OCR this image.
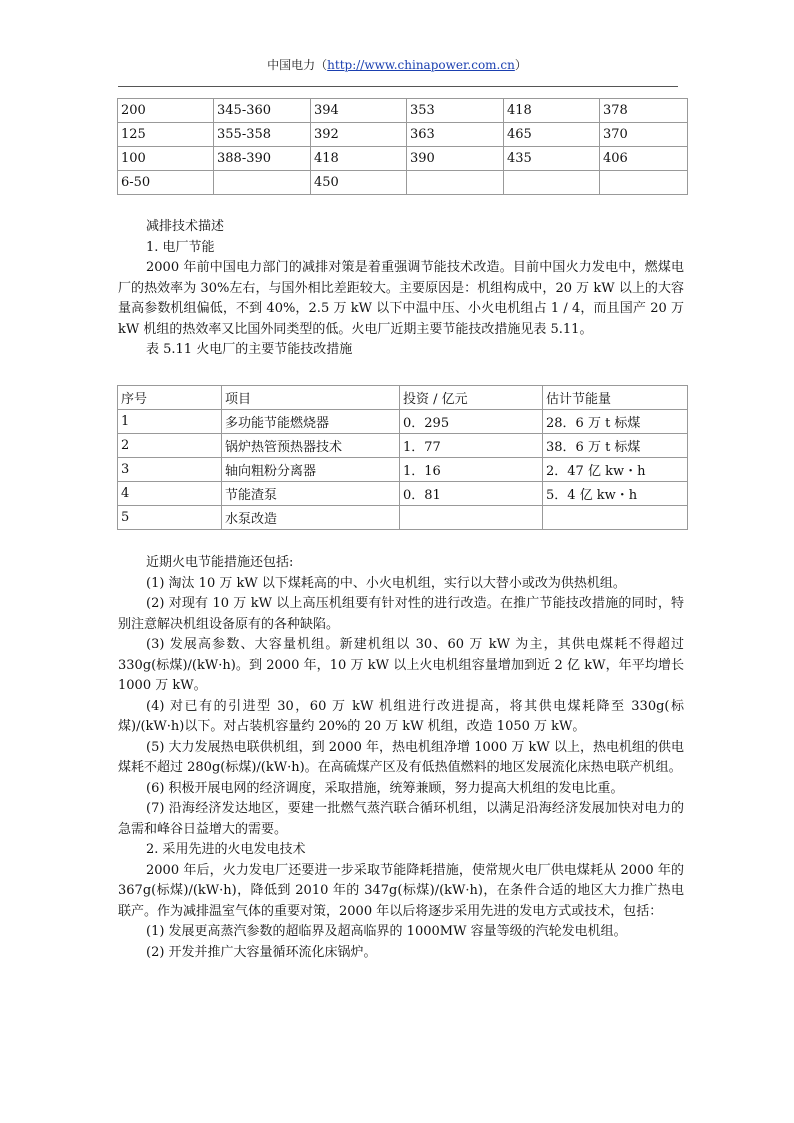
中国电力（http://www.chinapower.com.cn）
200	345-360	394	353	418	378
125	355-358	392	363	465	370
100	388-390	418	390	435	406
6-50		450			

减排技术描述

1. 电厂节能

2000 年前中国电力部门的减排对策是着重强调节能技术改造。目前中国火力发电中，燃煤电厂的热效率为 30%左右，与国外相比差距较大。主要原因是：机组构成中，20 万 kW 以上的大容量高参数机组偏低，不到 40%，2.5 万 kW 以下中温中压、小火电机组占 1 / 4，而且国产 20 万 kW 机组的热效率又比国外同类型的低。火电厂近期主要节能技改措施见表 5.11。

表 5.11 火电厂的主要节能技改措施

序号	项目	投资 / 亿元	估计节能量
1	多功能节能燃烧器	0．295	28．6 万 t 标煤
2	锅炉热管预热器技术	1．77	38．6 万 t 标煤
3	轴向粗粉分离器	1．16	2．47 亿 kw・h
4	节能渣泵	0．81	5．4 亿 kw・h
5	水泵改造		

近期火电节能措施还包括:

(1) 淘汰 10 万 kW 以下煤耗高的中、小火电机组，实行以大替小或改为供热机组。

(2) 对现有 10 万 kW 以上高压机组要有针对性的进行改造。在推广节能技改措施的同时，特别注意解决机组设备原有的各种缺陷。

(3) 发展高参数、大容量机组。新建机组以 30、60 万 kW 为主，其供电煤耗不得超过 330g(标煤)/(kW·h)。到 2000 年，10 万 kW 以上火电机组容量增加到近 2 亿 kW，年平均增长 1000 万 kW。

(4) 对已有的引进型 30，60 万 kW 机组进行改进提高，将其供电煤耗降至 330g(标煤)/(kW·h)以下。对占装机容量约 20%的 20 万 kW 机组，改造 1050 万 kW。

(5) 大力发展热电联供机组，到 2000 年，热电机组净增 1000 万 kW 以上，热电机组的供电煤耗不超过 280g(标煤)/(kW·h)。在高硫煤产区及有低热值燃料的地区发展流化床热电联产机组。

(6) 积极开展电网的经济调度，采取措施，统筹兼顾，努力提高大机组的发电比重。

(7) 沿海经济发达地区，要建一批燃气蒸汽联合循环机组，以满足沿海经济发展加快对电力的急需和峰谷日益增大的需要。

2. 采用先进的火电发电技术

2000 年后，火力发电厂还要进一步采取节能降耗措施，使常规火电厂供电煤耗从 2000 年的 367g(标煤)/(kW·h)，降低到 2010 年的 347g(标煤)/(kW·h)，在条件合适的地区大力推广热电联产。作为减排温室气体的重要对策，2000 年以后将逐步采用先进的发电方式或技术，包括：

(1) 发展更高蒸汽参数的超临界及超高临界的 1000MW 容量等级的汽轮发电机组。

(2) 开发并推广大容量循环流化床锅炉。
